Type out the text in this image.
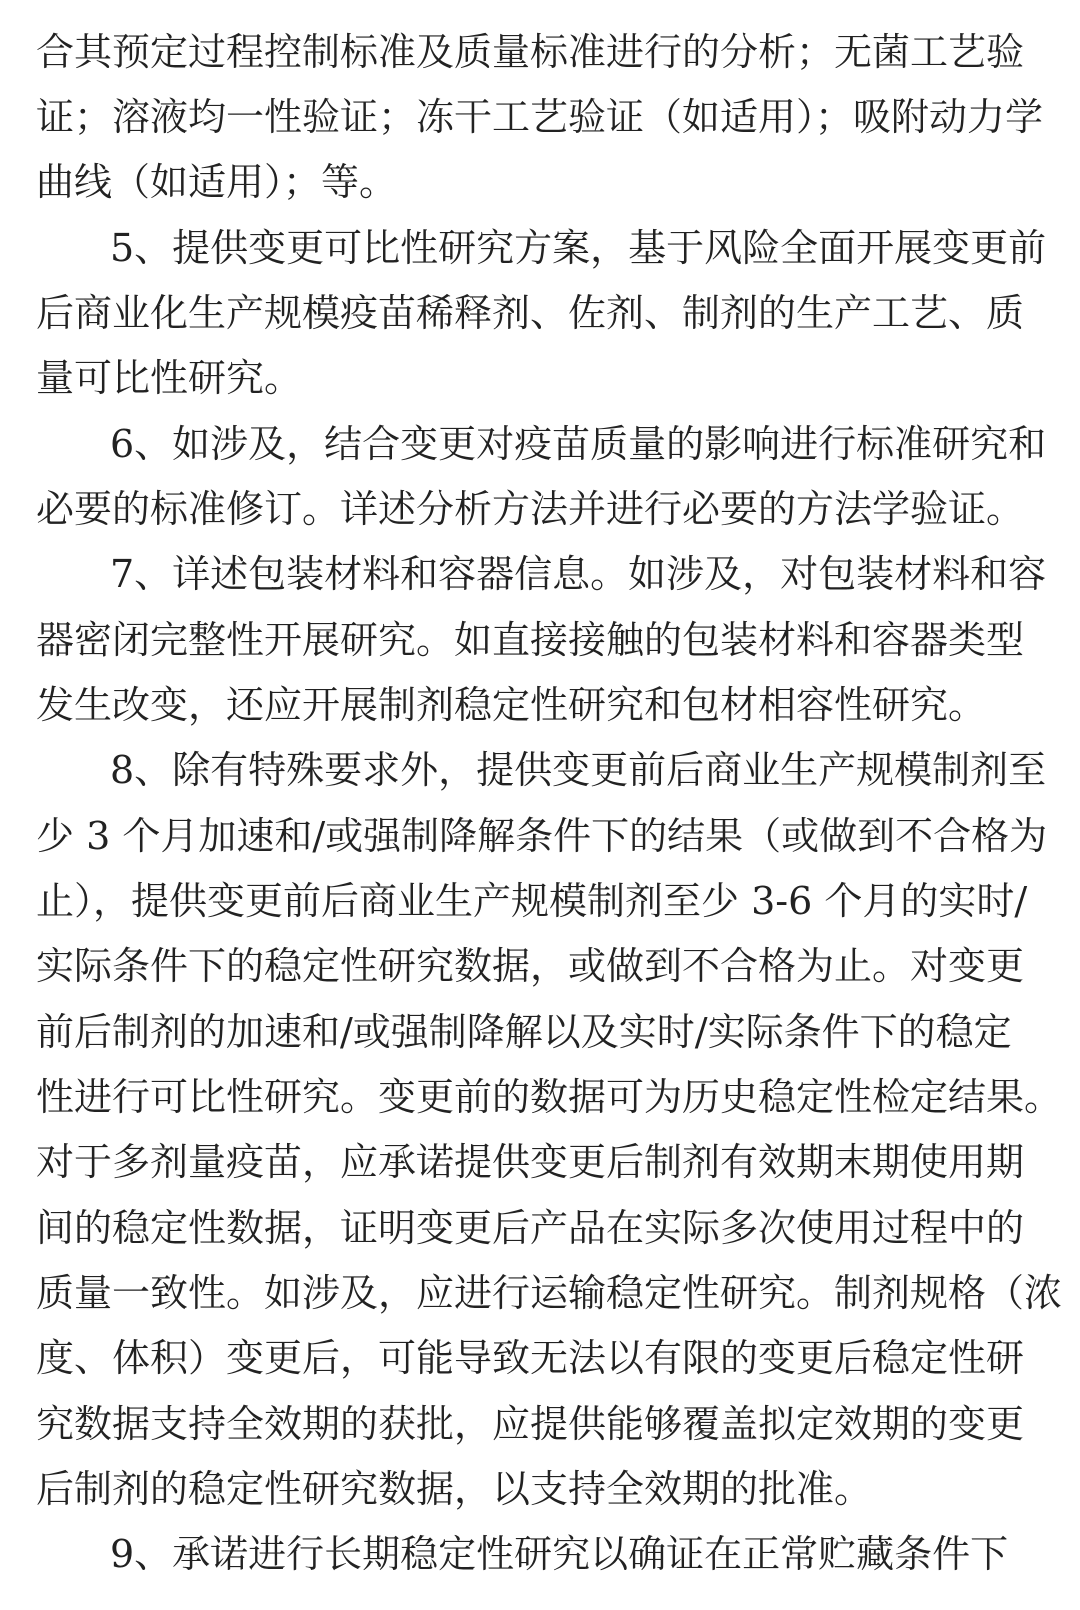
合其预定过程控制标准及质量标准进行的分析；无菌工艺验
证；溶液均一性验证；冻干工艺验证（如适用）；吸附动力学
曲线（如适用）；等。
5、提供变更可比性研究方案，基于风险全面开展变更前
后商业化生产规模疫苗稀释剂、佐剂、制剂的生产工艺、质
量可比性研究。
6、如涉及，结合变更对疫苗质量的影响进行标准研究和
必要的标准修订。详述分析方法并进行必要的方法学验证。
7、详述包装材料和容器信息。如涉及，对包装材料和容
器密闭完整性开展研究。如直接接触的包装材料和容器类型
发生改变，还应开展制剂稳定性研究和包材相容性研究。
8、除有特殊要求外，提供变更前后商业生产规模制剂至
少 3 个月加速和/或强制降解条件下的结果（或做到不合格为
止），提供变更前后商业生产规模制剂至少 3-6 个月的实时/
实际条件下的稳定性研究数据，或做到不合格为止。对变更
前后制剂的加速和/或强制降解以及实时/实际条件下的稳定
性进行可比性研究。变更前的数据可为历史稳定性检定结果。
对于多剂量疫苗，应承诺提供变更后制剂有效期末期使用期
间的稳定性数据，证明变更后产品在实际多次使用过程中的
质量一致性。如涉及，应进行运输稳定性研究。制剂规格（浓
度、体积）变更后，可能导致无法以有限的变更后稳定性研
究数据支持全效期的获批，应提供能够覆盖拟定效期的变更
后制剂的稳定性研究数据，以支持全效期的批准。
9、承诺进行长期稳定性研究以确证在正常贮藏条件下
